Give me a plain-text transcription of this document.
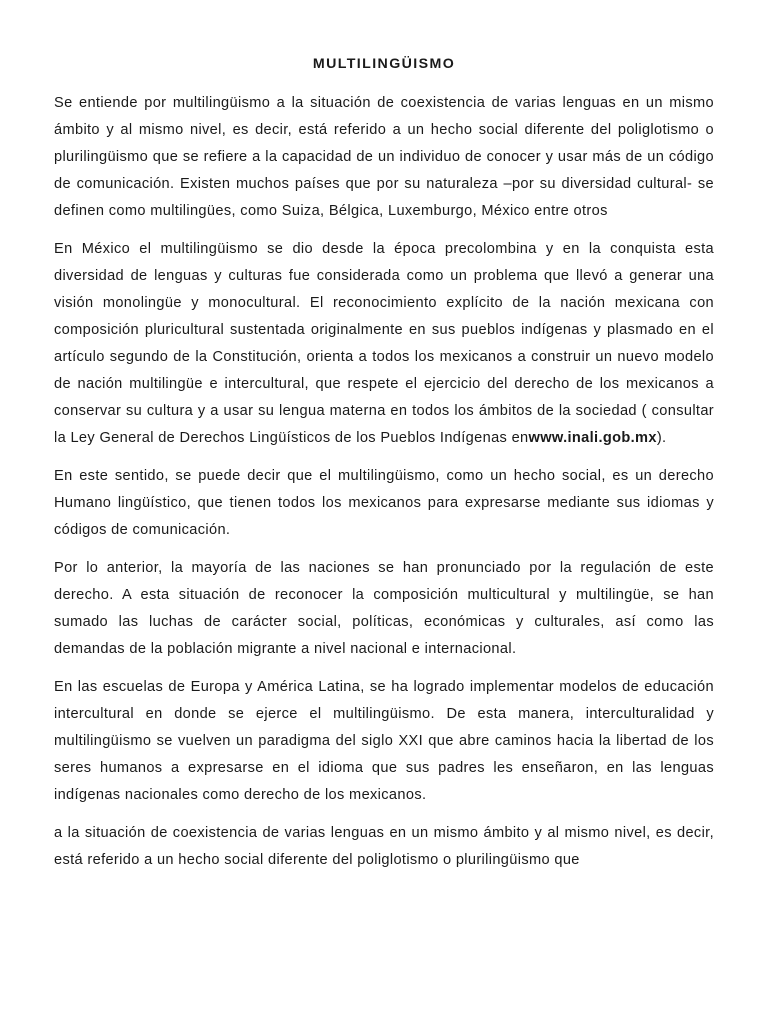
MULTILINGÜISMO

Se entiende por multilingüismo a la situación de coexistencia de varias lenguas en un mismo ámbito y al mismo nivel, es decir, está referido a un hecho social diferente del poliglotismo o plurilingüismo que se refiere a la capacidad de un individuo de conocer y usar más de un código de comunicación. Existen muchos países que por su naturaleza –por su diversidad cultural- se definen como multilingües, como Suiza, Bélgica, Luxemburgo, México entre otros

En México el multilingüismo se dio desde la época precolombina y en la conquista esta diversidad de lenguas y culturas fue considerada como un problema que llevó a generar una visión monolingüe y monocultural. El reconocimiento explícito de la nación mexicana con composición pluricultural sustentada originalmente en sus pueblos indígenas y plasmado en el artículo segundo de la Constitución, orienta a todos los mexicanos a construir un nuevo modelo de nación multilingüe e intercultural, que respete el ejercicio del derecho de los mexicanos a conservar su cultura y a usar su lengua materna en todos los ámbitos de la sociedad ( consultar la Ley General de Derechos Lingüísticos de los Pueblos Indígenas enwww.inali.gob.mx).

En este sentido, se puede decir que el multilingüismo, como un hecho social, es un derecho Humano lingüístico, que tienen todos los mexicanos para expresarse mediante sus idiomas y códigos de comunicación.

Por lo anterior, la mayoría de las naciones se han pronunciado por la regulación de este derecho. A esta situación de reconocer la composición multicultural y multilingüe, se han sumado las luchas de carácter social, políticas, económicas y culturales, así como las demandas de la población migrante a nivel nacional e internacional.

En las escuelas de Europa y América Latina, se ha logrado implementar modelos de educación intercultural en donde se ejerce el multilingüismo. De esta manera, interculturalidad y multilingüismo se vuelven un paradigma del siglo XXI que abre caminos hacia la libertad de los seres humanos a expresarse en el idioma que sus padres les enseñaron, en las lenguas indígenas nacionales como derecho de los mexicanos.

a la situación de coexistencia de varias lenguas en un mismo ámbito y al mismo nivel, es decir, está referido a un hecho social diferente del poliglotismo o plurilingüismo que
